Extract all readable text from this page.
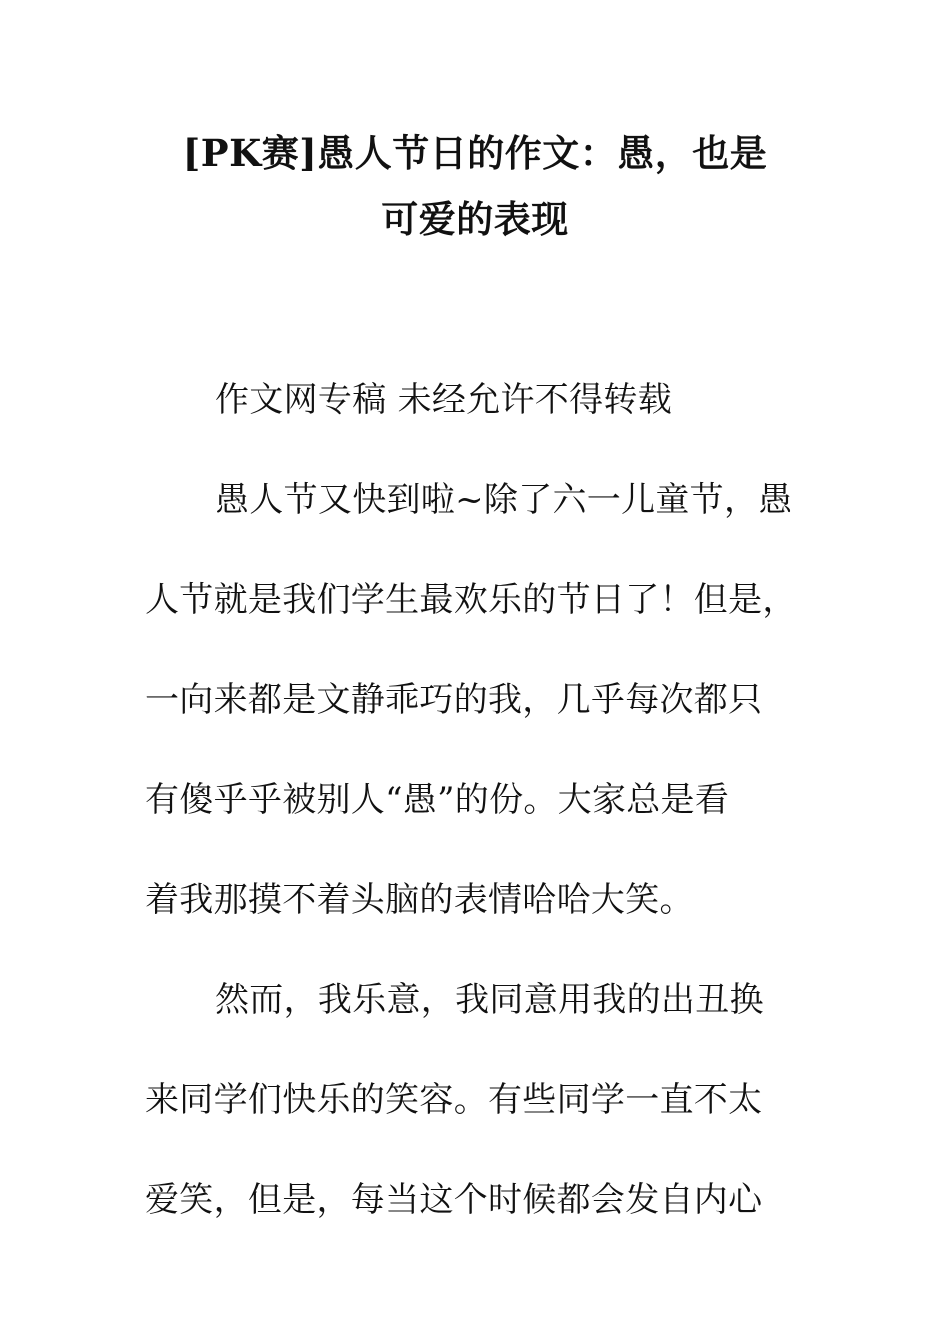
[PK赛]愚人节日的作文：愚，也是
可爱的表现

作文网专稿 未经允许不得转载

愚人节又快到啦~除了六一儿童节，愚

人节就是我们学生最欢乐的节日了！但是，

一向来都是文静乖巧的我，几乎每次都只

有傻乎乎被别人“愚”的份。大家总是看

着我那摸不着头脑的表情哈哈大笑。

然而，我乐意，我同意用我的出丑换

来同学们快乐的笑容。有些同学一直不太

爱笑，但是，每当这个时候都会发自内心
